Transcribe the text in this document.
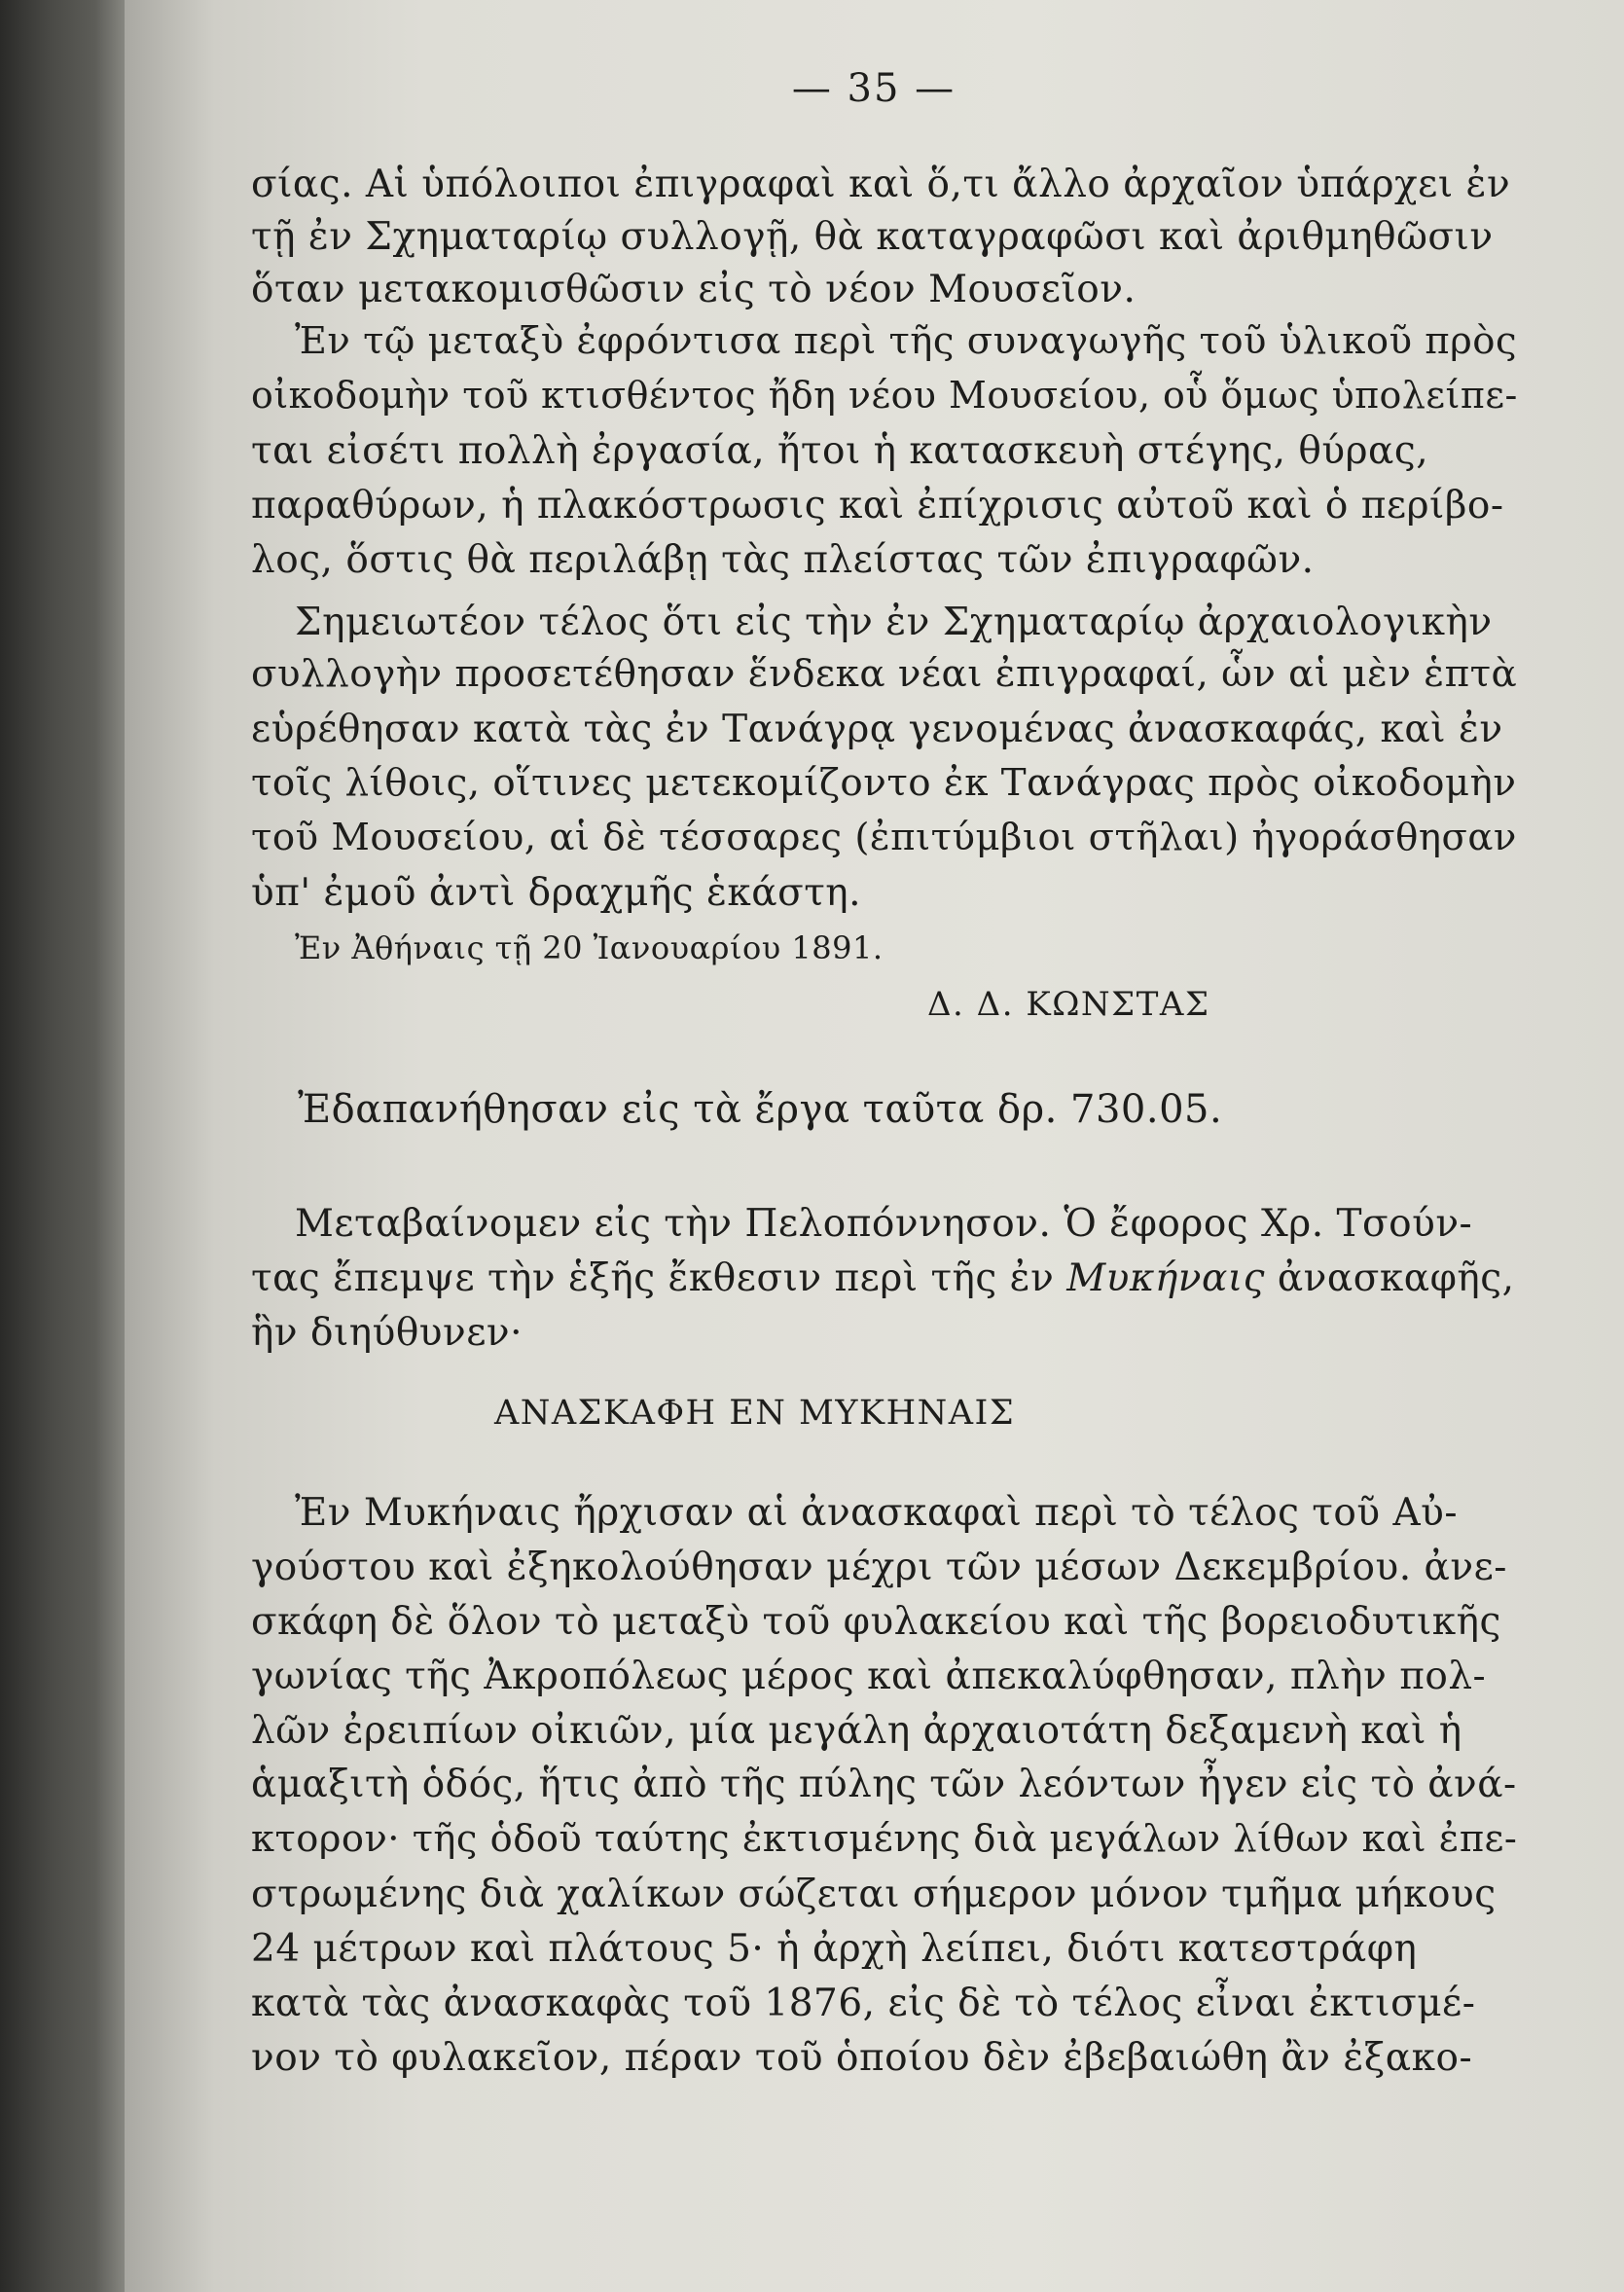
— 35 —
σίας. Αἱ ὑπόλοιποι ἐπιγραφαὶ καὶ ὅ,τι ἄλλο ἀρχαῖον ὑπάρχει ἐν
τῇ ἐν Σχηματαρίῳ συλλογῇ, θὰ καταγραφῶσι καὶ ἀριθμηθῶσιν
ὅταν μετακομισθῶσιν εἰς τὸ νέον Μουσεῖον.
Ἐν τῷ μεταξὺ ἐφρόντισα περὶ τῆς συναγωγῆς τοῦ ὑλικοῦ πρὸς
οἰκοδομὴν τοῦ κτισθέντος ἤδη νέου Μουσείου, οὗ ὅμως ὑπολείπε-
ται εἰσέτι πολλὴ ἐργασία, ἤτοι ἡ κατασκευὴ στέγης, θύρας,
παραθύρων, ἡ πλακόστρωσις καὶ ἐπίχρισις αὐτοῦ καὶ ὁ περίβο-
λος, ὅστις θὰ περιλάβῃ τὰς πλείστας τῶν ἐπιγραφῶν.
Σημειωτέον τέλος ὅτι εἰς τὴν ἐν Σχηματαρίῳ ἀρχαιολογικὴν
συλλογὴν προσετέθησαν ἕνδεκα νέαι ἐπιγραφαί, ὧν αἱ μὲν ἑπτὰ
εὑρέθησαν κατὰ τὰς ἐν Τανάγρᾳ γενομένας ἀνασκαφάς, καὶ ἐν
τοῖς λίθοις, οἵτινες μετεκομίζοντο ἐκ Τανάγρας πρὸς οἰκοδομὴν
τοῦ Μουσείου, αἱ δὲ τέσσαρες (ἐπιτύμβιοι στῆλαι) ἠγοράσθησαν
ὑπ' ἐμοῦ ἀντὶ δραχμῆς ἑκάστη.
Ἐν Ἀθήναις τῇ 20 Ἰανουαρίου 1891.
Δ. Δ. ΚΩΝΣΤΑΣ
Ἐδαπανήθησαν εἰς τὰ ἔργα ταῦτα δρ. 730.05.
Μεταβαίνομεν εἰς τὴν Πελοπόννησον. Ὁ ἔφορος Χρ. Τσούν-
τας ἔπεμψε τὴν ἑξῆς ἔκθεσιν περὶ τῆς ἐν Μυκήναις ἀνασκαφῆς,
ἣν διηύθυνεν·
ΑΝΑΣΚΑΦΗ ΕΝ ΜΥΚΗΝΑΙΣ
Ἐν Μυκήναις ἤρχισαν αἱ ἀνασκαφαὶ περὶ τὸ τέλος τοῦ Αὐ-
γούστου καὶ ἐξηκολούθησαν μέχρι τῶν μέσων Δεκεμβρίου. ἀνε-
σκάφη δὲ ὅλον τὸ μεταξὺ τοῦ φυλακείου καὶ τῆς βορειοδυτικῆς
γωνίας τῆς Ἀκροπόλεως μέρος καὶ ἀπεκαλύφθησαν, πλὴν πολ-
λῶν ἐρειπίων οἰκιῶν, μία μεγάλη ἀρχαιοτάτη δεξαμενὴ καὶ ἡ
ἁμαξιτὴ ὁδός, ἥτις ἀπὸ τῆς πύλης τῶν λεόντων ἦγεν εἰς τὸ ἀνά-
κτορον· τῆς ὁδοῦ ταύτης ἐκτισμένης διὰ μεγάλων λίθων καὶ ἐπε-
στρωμένης διὰ χαλίκων σώζεται σήμερον μόνον τμῆμα μήκους
24 μέτρων καὶ πλάτους 5· ἡ ἀρχὴ λείπει, διότι κατεστράφη
κατὰ τὰς ἀνασκαφὰς τοῦ 1876, εἰς δὲ τὸ τέλος εἶναι ἐκτισμέ-
νον τὸ φυλακεῖον, πέραν τοῦ ὁποίου δὲν ἐβεβαιώθη ἂν ἐξακο-
